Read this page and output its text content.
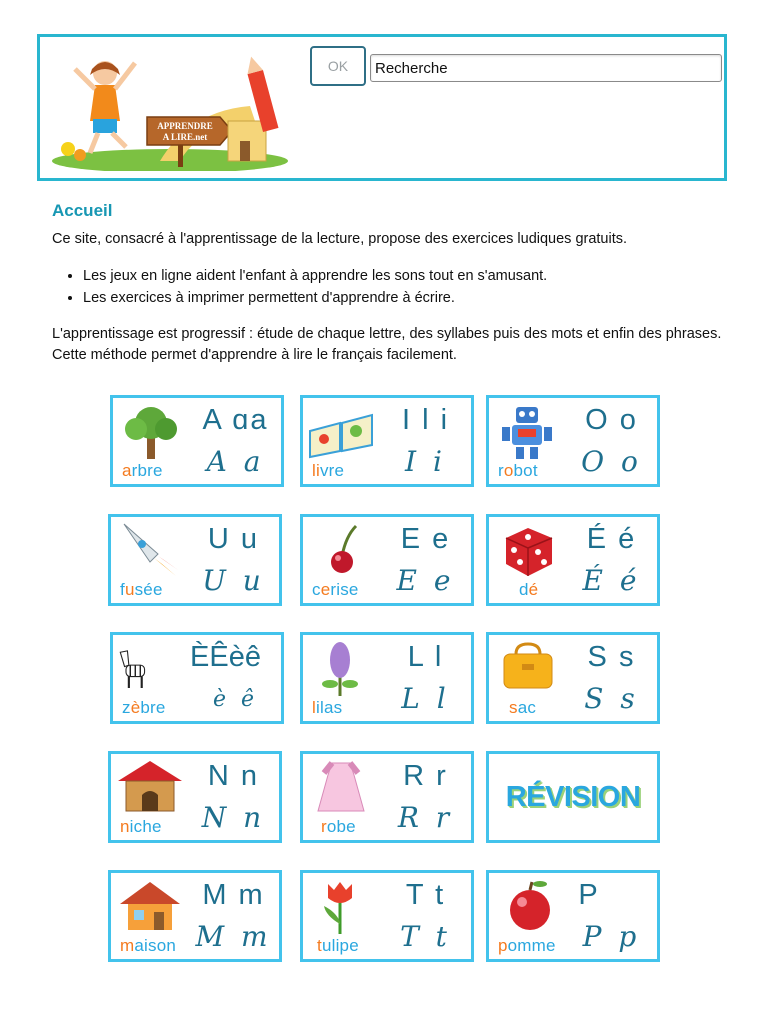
APPRENDRE
A LIRE.net
OK
Recherche
Accueil

Ce site, consacré à l'apprentissage de la lecture, propose des exercices ludiques gratuits.

• Les jeux en ligne aident l'enfant à apprendre les sons tout en s'amusant.
• Les exercices à imprimer permettent d'apprendre à écrire.

L'apprentissage est progressif : étude de chaque lettre, des syllabes puis des mots et enfin des phrases. Cette méthode permet d'apprendre à lire le français facilement.

arbre
A ɑa
A a	livre
I l i
I i	robot
O o
O o
fusée
U u
U u	cerise
E e
E e	dé
É é
É é
zèbre
ÈÊèê
è ê	lilas
L l
L l	sac
S s
S s
niche
N n
N n	robe
R r
R r
RÉVISION
maison
M m
M m	tulipe
T t
T t	pomme
P
P p
